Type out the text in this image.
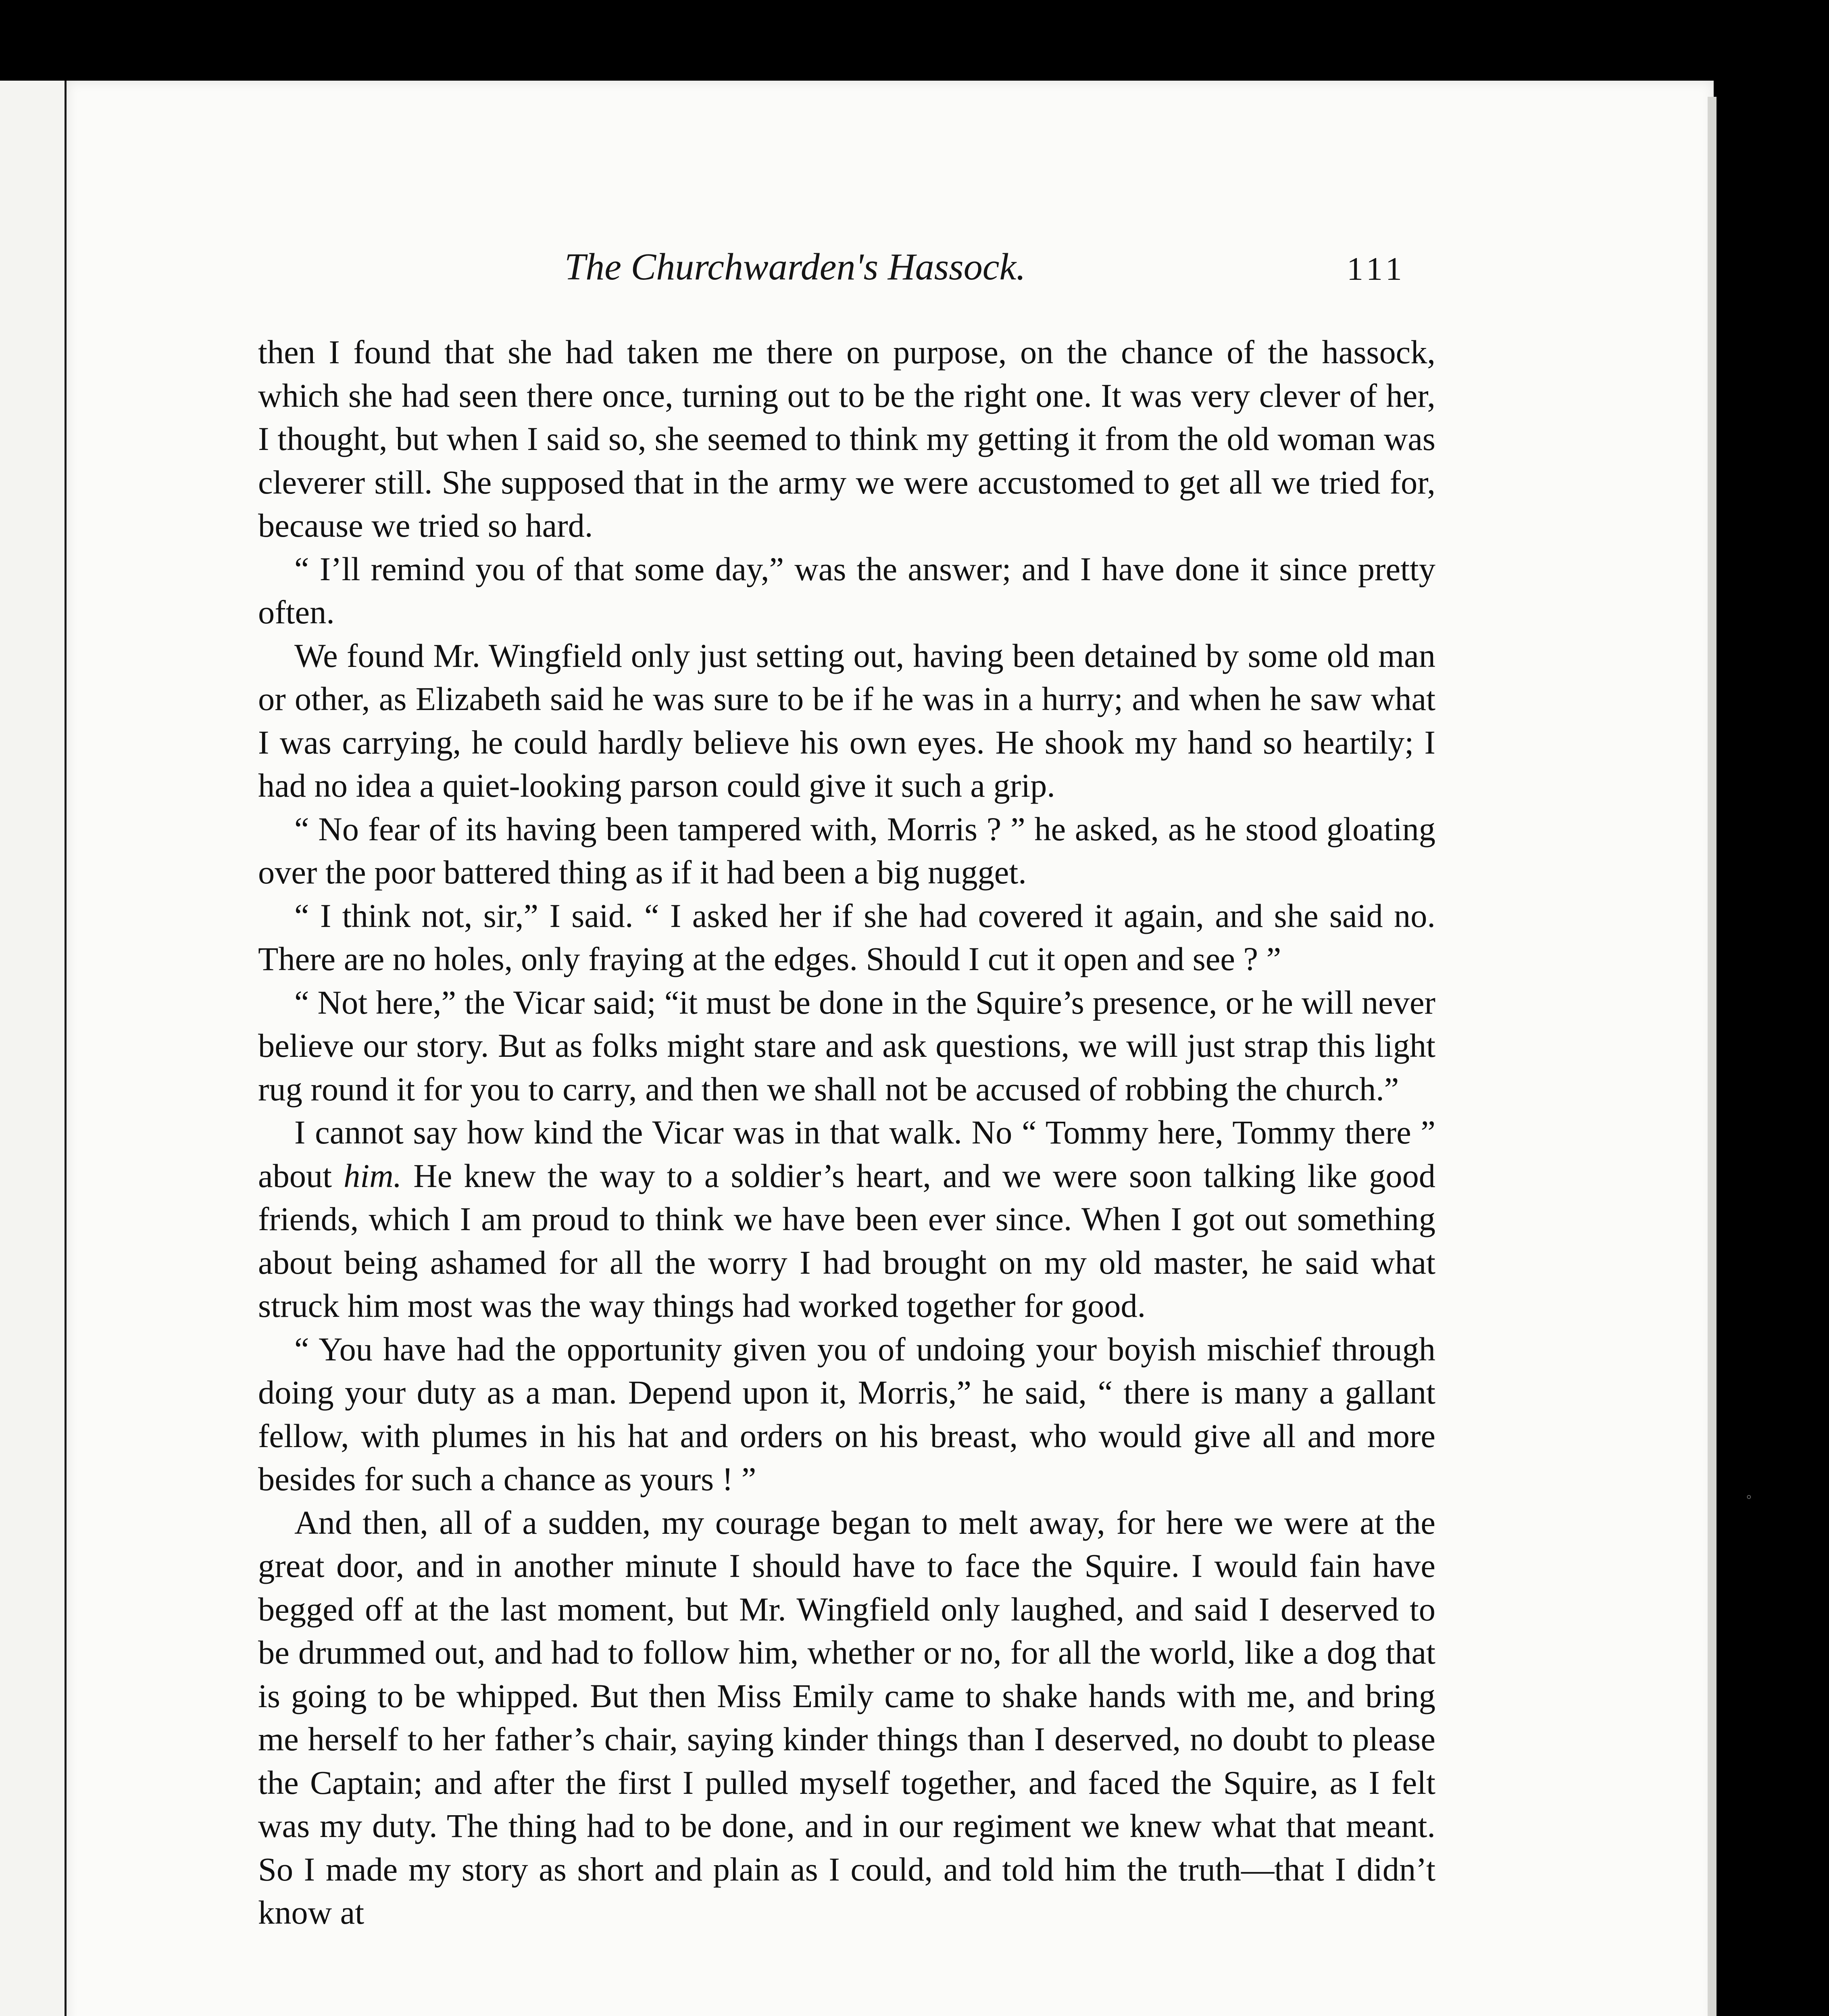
The Churchwarden's Hassock.	111

then I found that she had taken me there on purpose, on the chance of the hassock, which she had seen there once, turning out to be the right one. It was very clever of her, I thought, but when I said so, she seemed to think my getting it from the old woman was cleverer still. She supposed that in the army we were accustomed to get all we tried for, because we tried so hard.

“ I’ll remind you of that some day,” was the answer; and I have done it since pretty often.

We found Mr. Wingfield only just setting out, having been detained by some old man or other, as Elizabeth said he was sure to be if he was in a hurry; and when he saw what I was carrying, he could hardly believe his own eyes. He shook my hand so heartily; I had no idea a quiet-looking parson could give it such a grip.

“ No fear of its having been tampered with, Morris ? ” he asked, as he stood gloating over the poor battered thing as if it had been a big nugget.

“ I think not, sir,” I said. “ I asked her if she had covered it again, and she said no. There are no holes, only fraying at the edges. Should I cut it open and see ? ”

“ Not here,” the Vicar said; “it must be done in the Squire’s presence, or he will never believe our story. But as folks might stare and ask questions, we will just strap this light rug round it for you to carry, and then we shall not be accused of robbing the church.”

I cannot say how kind the Vicar was in that walk. No “ Tommy here, Tommy there ” about him. He knew the way to a soldier’s heart, and we were soon talking like good friends, which I am proud to think we have been ever since. When I got out something about being ashamed for all the worry I had brought on my old master, he said what struck him most was the way things had worked together for good.

“ You have had the opportunity given you of undoing your boyish mischief through doing your duty as a man. Depend upon it, Morris,” he said, “ there is many a gallant fellow, with plumes in his hat and orders on his breast, who would give all and more besides for such a chance as yours ! ”

And then, all of a sudden, my courage began to melt away, for here we were at the great door, and in another minute I should have to face the Squire. I would fain have begged off at the last moment, but Mr. Wingfield only laughed, and said I deserved to be drummed out, and had to follow him, whether or no, for all the world, like a dog that is going to be whipped. But then Miss Emily came to shake hands with me, and bring me herself to her father’s chair, saying kinder things than I deserved, no doubt to please the Captain; and after the first I pulled myself together, and faced the Squire, as I felt was my duty. The thing had to be done, and in our regiment we knew what that meant. So I made my story as short and plain as I could, and told him the truth—that I didn’t know at

°
